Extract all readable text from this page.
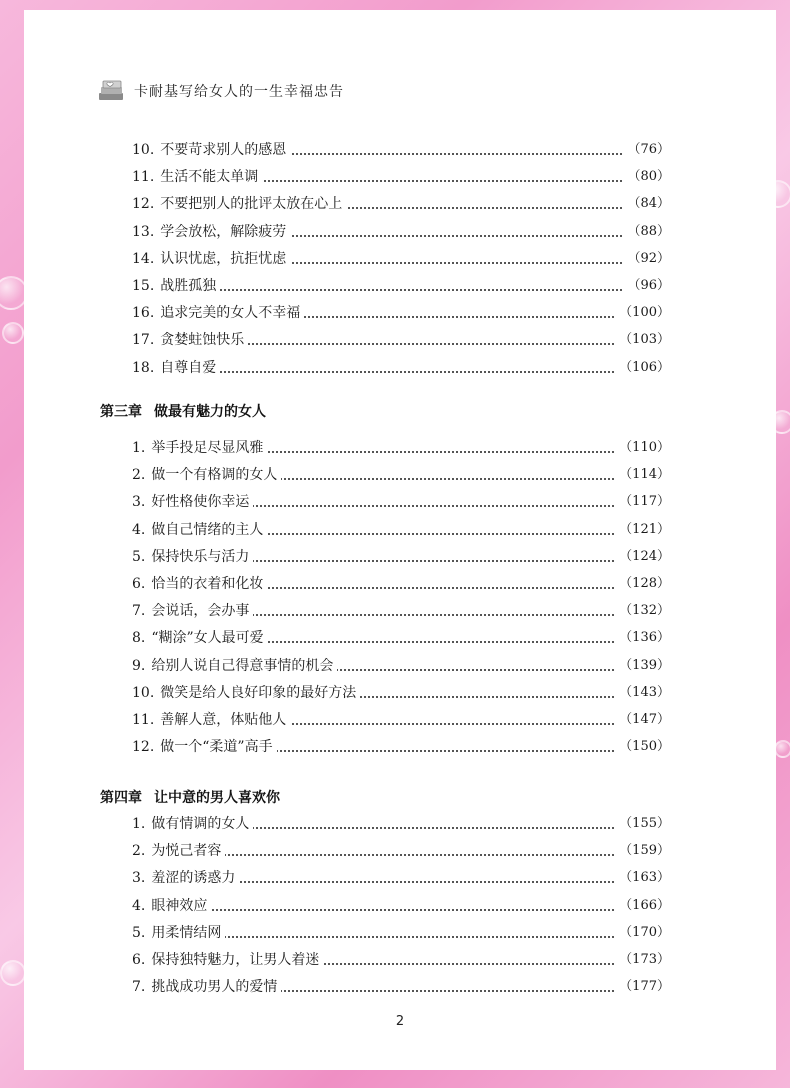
卡耐基写给女人的一生幸福忠告
10. 不要苛求别人的感恩	（76）
11. 生活不能太单调	（80）
12. 不要把别人的批评太放在心上	（84）
13. 学会放松，解除疲劳	（88）
14. 认识忧虑，抗拒忧虑	（92）
15. 战胜孤独	（96）
16. 追求完美的女人不幸福	（100）
17. 贪婪蛀蚀快乐	（103）
18. 自尊自爱	（106）
第三章 做最有魅力的女人
1. 举手投足尽显风雅	（110）
2. 做一个有格调的女人	（114）
3. 好性格使你幸运	（117）
4. 做自己情绪的主人	（121）
5. 保持快乐与活力	（124）
6. 恰当的衣着和化妆	（128）
7. 会说话，会办事	（132）
8. “糊涂”女人最可爱	（136）
9. 给别人说自己得意事情的机会	（139）
10. 微笑是给人良好印象的最好方法	（143）
11. 善解人意，体贴他人	（147）
12. 做一个“柔道”高手	（150）
第四章 让中意的男人喜欢你
1. 做有情调的女人	（155）
2. 为悦己者容	（159）
3. 羞涩的诱惑力	（163）
4. 眼神效应	（166）
5. 用柔情结网	（170）
6. 保持独特魅力，让男人着迷	（173）
7. 挑战成功男人的爱情	（177）
2
